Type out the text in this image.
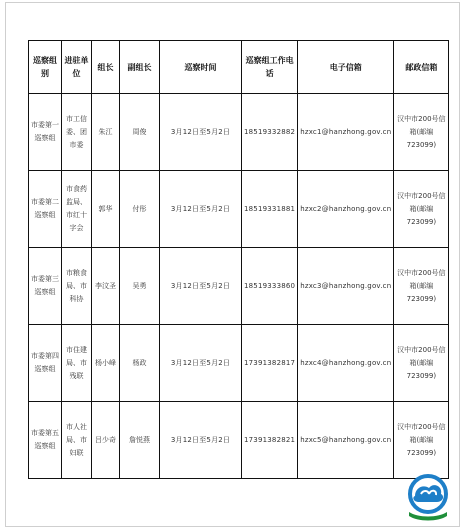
巡察组别	进驻单位	组长	副组长	巡察时间	巡察组工作电话	电子信箱	邮政信箱
市委第一巡察组	市工信委、团市委	朱江	周俊	3月12日至5月2日	18519332882	hzxc1@hanzhong.gov.cn	汉中市200号信箱(邮编723099)
市委第二巡察组	市食药监局、市红十字会	郭华	付彤	3月12日至5月2日	18519331881	hzxc2@hanzhong.gov.cn	汉中市200号信箱(邮编723099)
市委第三巡察组	市粮食局、市科协	李汶圣	吴勇	3月12日至5月2日	18519333860	hzxc3@hanzhong.gov.cn	汉中市200号信箱(邮编723099)
市委第四巡察组	市住建局、市残联	杨小峰	杨政	3月12日至5月2日	17391382817	hzxc4@hanzhong.gov.cn	汉中市200号信箱(邮编723099)
市委第五巡察组	市人社局、市妇联	吕少奇	詹悦燕	3月12日至5月2日	17391382821	hzxc5@hanzhong.gov.cn	汉中市200号信箱(邮编723099)
